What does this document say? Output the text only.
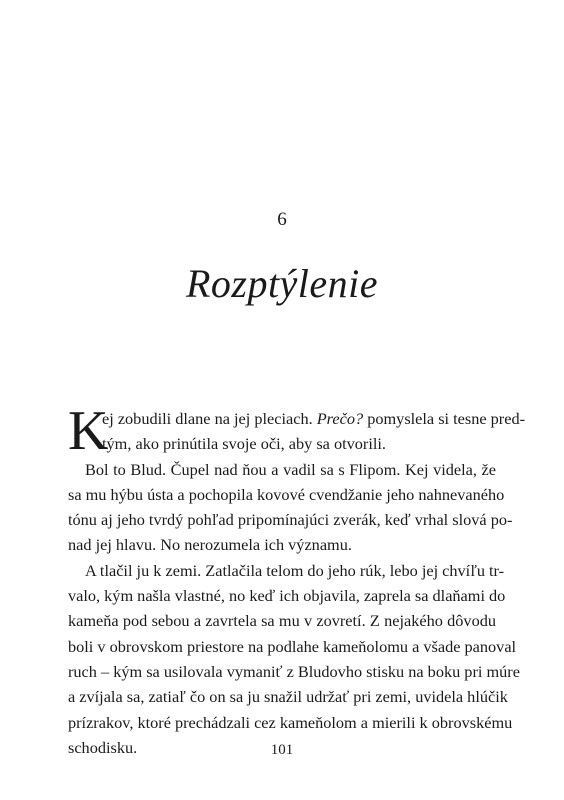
6
Rozptýlenie
K
ej zobudili dlane na jej pleciach. Prečo? pomyslela si tesne pred-
tým, ako prinútila svoje oči, aby sa otvorili.
Bol to Blud. Čupel nad ňou a vadil sa s Flipom. Kej videla, že
sa mu hýbu ústa a pochopila kovové cvendžanie jeho nahnevaného
tónu aj jeho tvrdý pohľad pripomínajúci zverák, keď vrhal slová po-
nad jej hlavu. No nerozumela ich významu.
A tlačil ju k zemi. Zatlačila telom do jeho rúk, lebo jej chvíľu tr-
valo, kým našla vlastné, no keď ich objavila, zaprela sa dlaňami do
kameňa pod sebou a zavrtela sa mu v zovretí. Z nejakého dôvodu
boli v obrovskom priestore na podlahe kameňolomu a všade panoval
ruch – kým sa usilovala vymaniť z Bludovho stisku na boku pri múre
a zvíjala sa, zatiaľ čo on sa ju snažil udržať pri zemi, uvidela hlúčik
prízrakov, ktoré prechádzali cez kameňolom a mierili k obrovskému
schodisku.	101
